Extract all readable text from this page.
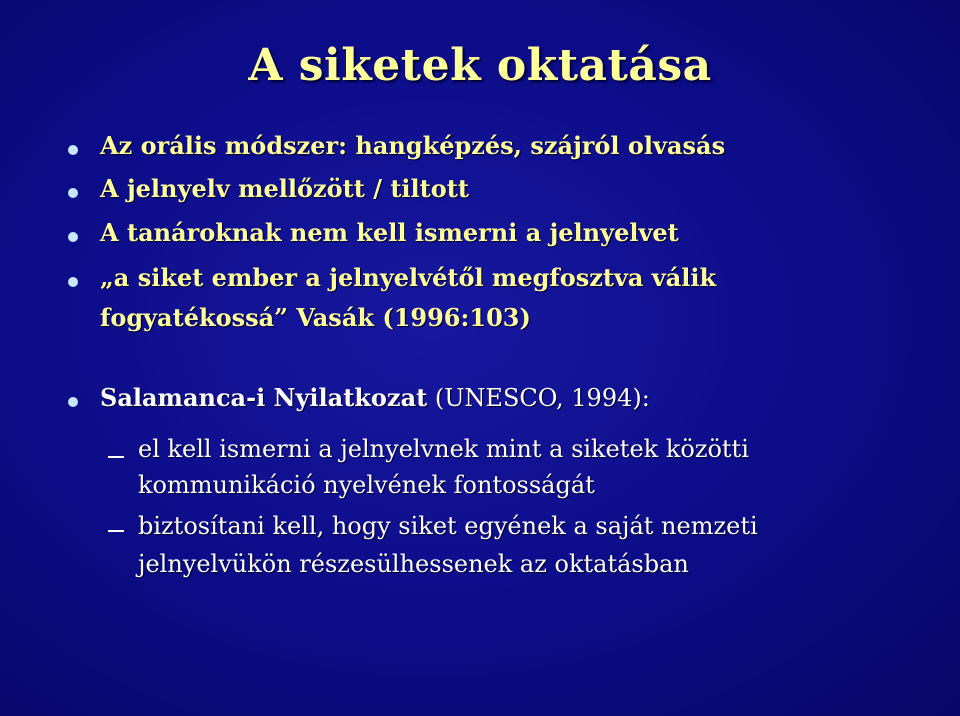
A siketek oktatása
Az orális módszer: hangképzés, szájról olvasás
A jelnyelv mellőzött / tiltott
A tanároknak nem kell ismerni a jelnyelvet
„a siket ember a jelnyelvétől megfosztva válik
fogyatékossá” Vasák (1996:103)
Salamanca-i Nyilatkozat (UNESCO, 1994):
el kell ismerni a jelnyelvnek mint a siketek közötti
kommunikáció nyelvének fontosságát
biztosítani kell, hogy siket egyének a saját nemzeti
jelnyelvükön részesülhessenek az oktatásban
